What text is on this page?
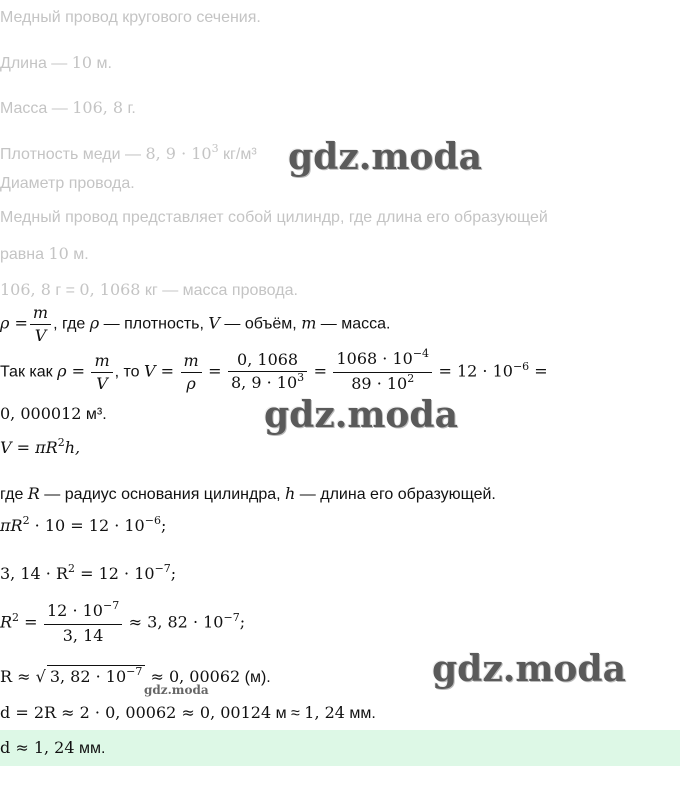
Медный провод кругового сечения.
Длина — 10 м.
Масса — 106, 8 г.
Плотность меди — 8, $9 \cdot 10^3$ кг/м³
Диаметр провода.
Медный провод представляет собой цилиндр, где длина его образующей
равна 10 м.
106, 8 г = 0, 1068 кг — масса провода.
$\rho = \frac{m}{V}$ , где ρ — плотность, V — объём, m — масса.
Так как $\rho = \frac{m}{V}$ , то $V = \frac{m}{\rho} = \frac{0, 1068}{8, 9 \cdot 10^3} = \frac{1068 \cdot 10^{-4}}{89 \cdot 10^2} = 12 \cdot 10^{-6}$ =
0, 000012 м³.
$V = \pi R^2h$,
где R — радиус основания цилиндра, h — длина его образующей.
$\pi R^2 \cdot 10 = 12 \cdot 10^{-6}$;
3, $14 \cdot R^2 = 12 \cdot 10^{-7}$;
$R^2 = \frac{12 \cdot 10^{-7}}{3, 14} \approx 3$, $82 \cdot 10^{-7}$;
R ≈ √ 3, $82 \cdot 10^{-7} \approx 0$, 00062 (м).
d = 2R ≈ 2 · 0, 00062 ≈ 0, 00124 м ≈ 1, 24 мм.
d ≈ 1, 24 мм.
gdz.moda
gdz.moda
gdz.moda
gdz.moda
